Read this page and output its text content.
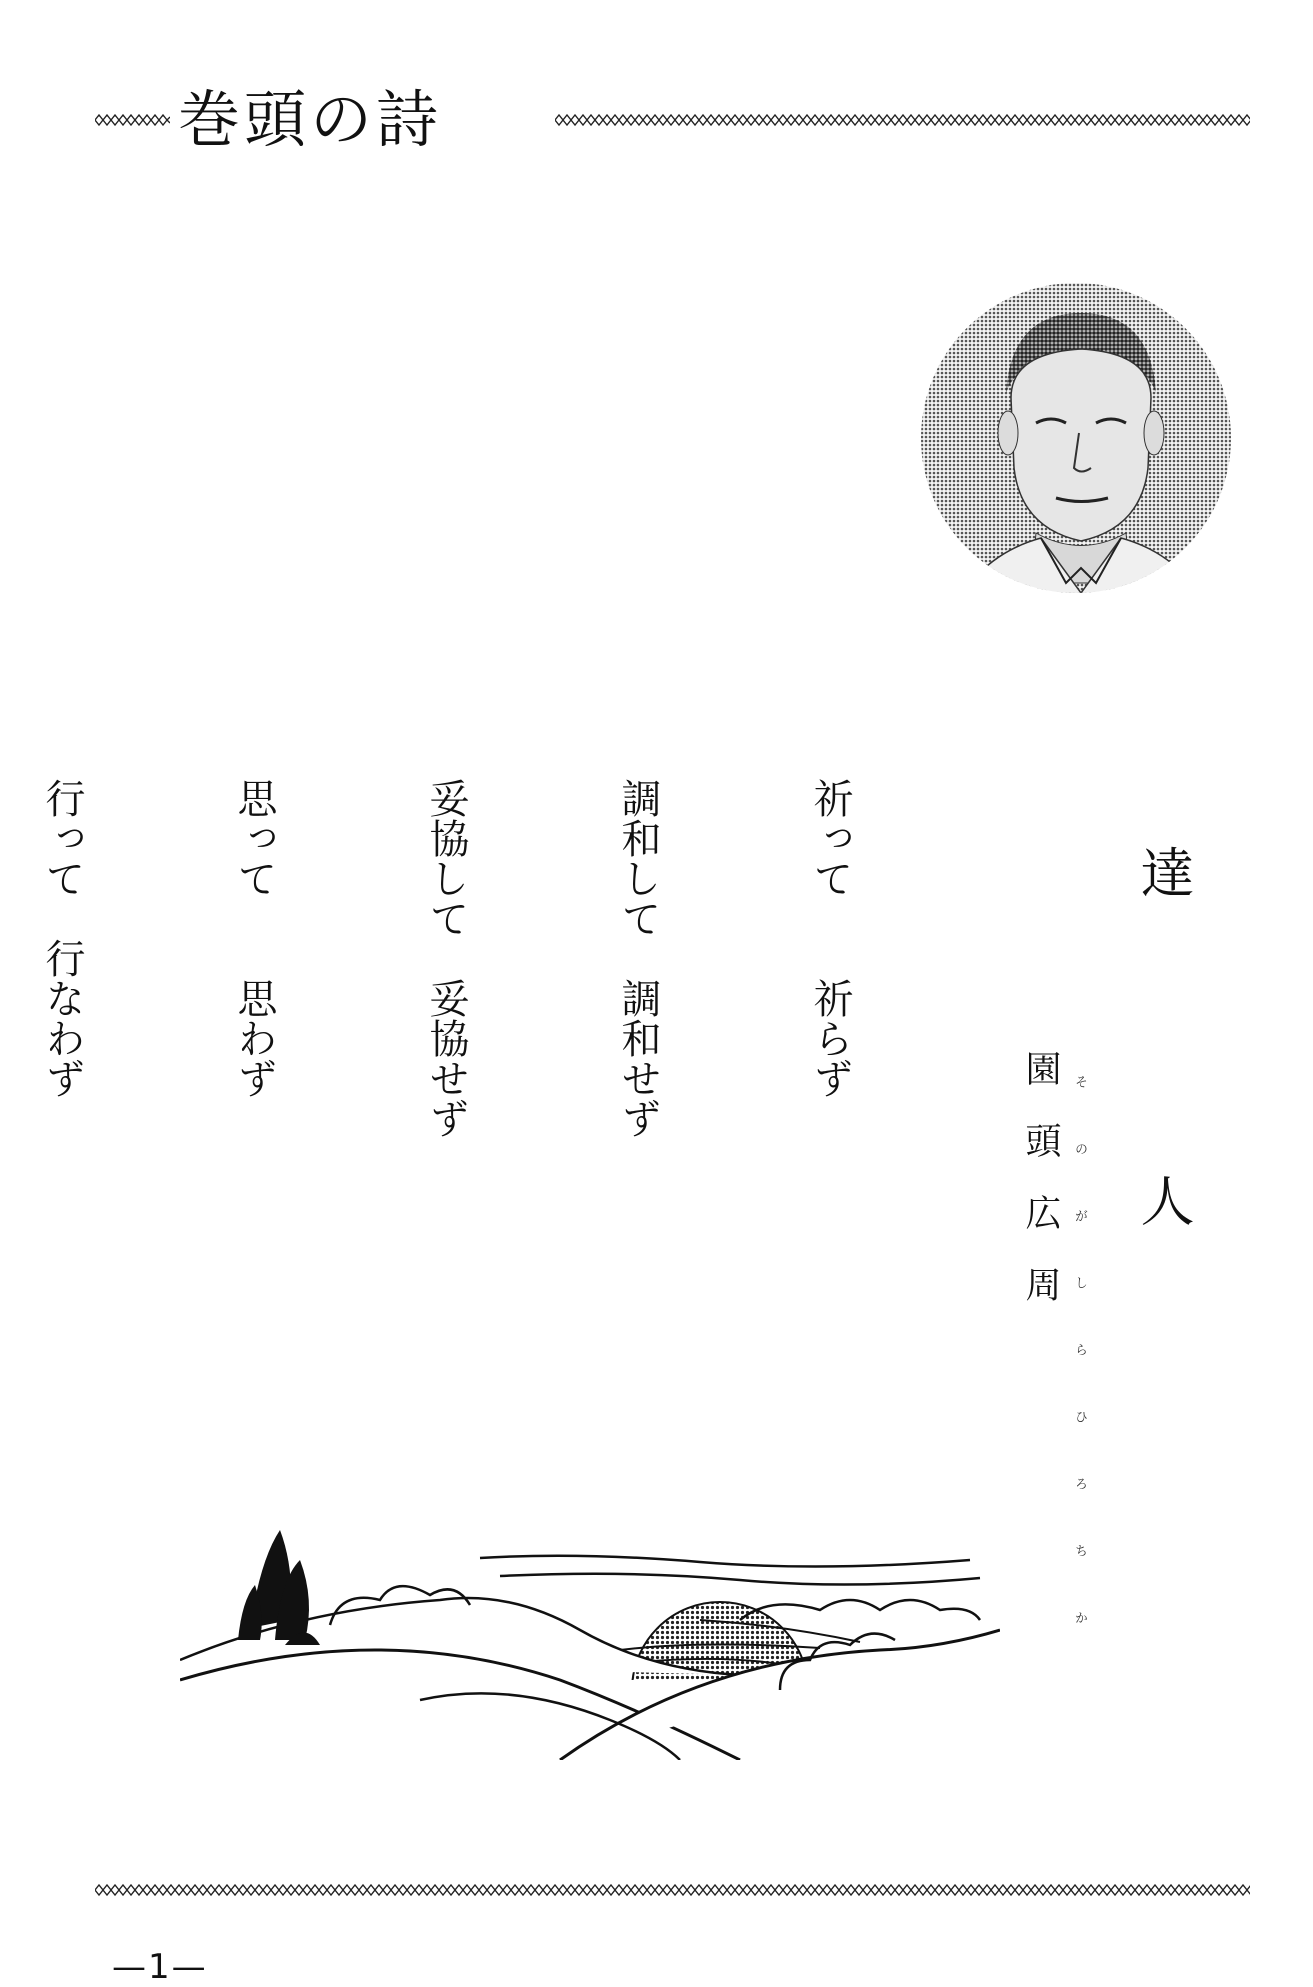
巻頭の詩
達　人
園頭広周 そのがしらひろちか

祈って　　祈らず

調和して　調和せず

妥協して　妥協せず

思って　　思わず

行って　行なわず

—1—
